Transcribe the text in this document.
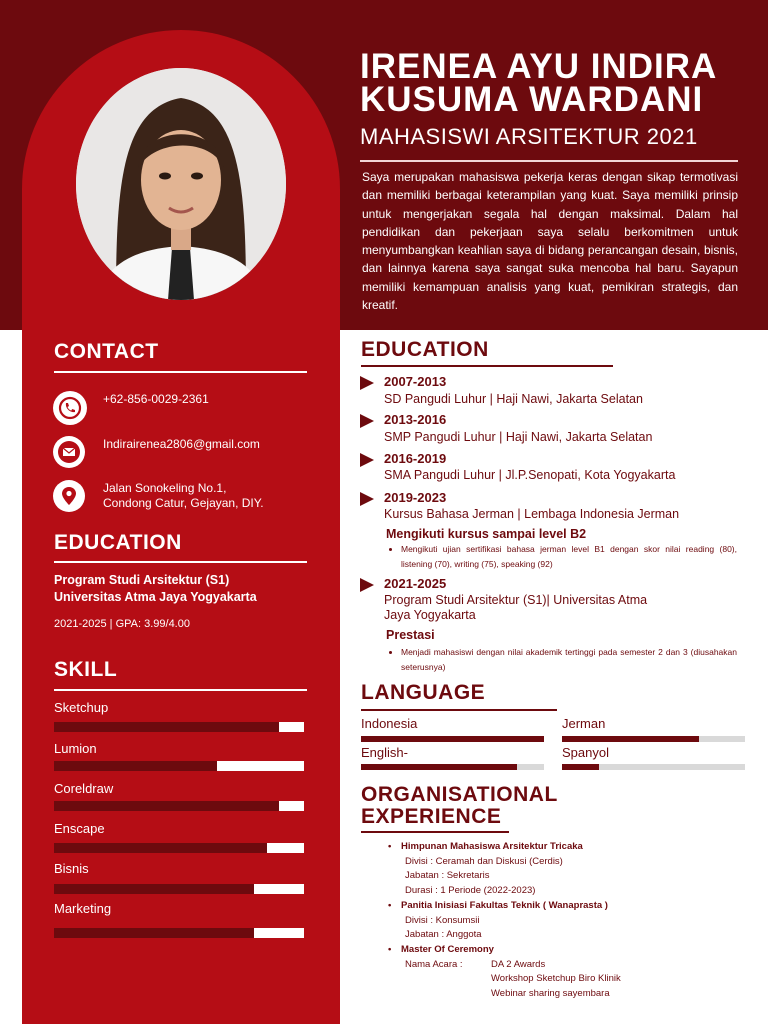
IRENEA AYU INDIRA
KUSUMA WARDANI
MAHASISWI ARSITEKTUR 2021
Saya merupakan mahasiswa pekerja keras dengan sikap termotivasi dan memiliki berbagai keterampilan yang kuat. Saya memiliki prinsip untuk mengerjakan segala hal dengan maksimal. Dalam hal pendidikan dan pekerjaan saya selalu berkomitmen untuk menyumbangkan keahlian saya di bidang perancangan desain, bisnis, dan lainnya karena saya sangat suka mencoba hal baru. Sayapun memiliki kemampuan analisis yang kuat, pemikiran strategis, dan kreatif.
CONTACT
+62-856-0029-2361
Indirairenea2806@gmail.com
Jalan Sonokeling No.1,
Condong Catur, Gejayan, DIY.
EDUCATION
Program Studi Arsitektur (S1)
Universitas Atma Jaya Yogyakarta
2021-2025 | GPA: 3.99/4.00
SKILL
Sketchup
Lumion
Coreldraw
Enscape
Bisnis
Marketing
EDUCATION
2007-2013
SD Pangudi Luhur | Haji Nawi, Jakarta Selatan
2013-2016
SMP Pangudi Luhur | Haji Nawi, Jakarta Selatan
2016-2019
SMA Pangudi Luhur | Jl.P.Senopati, Kota Yogyakarta
2019-2023
Kursus Bahasa Jerman | Lembaga Indonesia Jerman
Mengikuti kursus sampai level B2
• Mengikuti ujian sertifikasi bahasa jerman level B1 dengan skor nilai reading (80), listening (70), writing (75), speaking (92)
2021-2025
Program Studi Arsitektur (S1)| Universitas Atma
Jaya Yogyakarta
Prestasi
• Menjadi mahasiswi dengan nilai akademik tertinggi pada semester 2 dan 3 (diusahakan seterusnya)
LANGUAGE
Indonesia	Jerman
English-	Spanyol
ORGANISATIONAL
EXPERIENCE
• Himpunan Mahasiswa Arsitektur Tricaka
Divisi : Ceramah dan Diskusi (Cerdis)
Jabatan : Sekretaris
Durasi : 1 Periode (2022-2023)
• Panitia Inisiasi Fakultas Teknik ( Wanaprasta )
Divisi : Konsumsii
Jabatan : Anggota
• Master Of Ceremony
Nama Acara :	DA 2 Awards
Workshop Sketchup Biro Klinik
Webinar sharing sayembara
